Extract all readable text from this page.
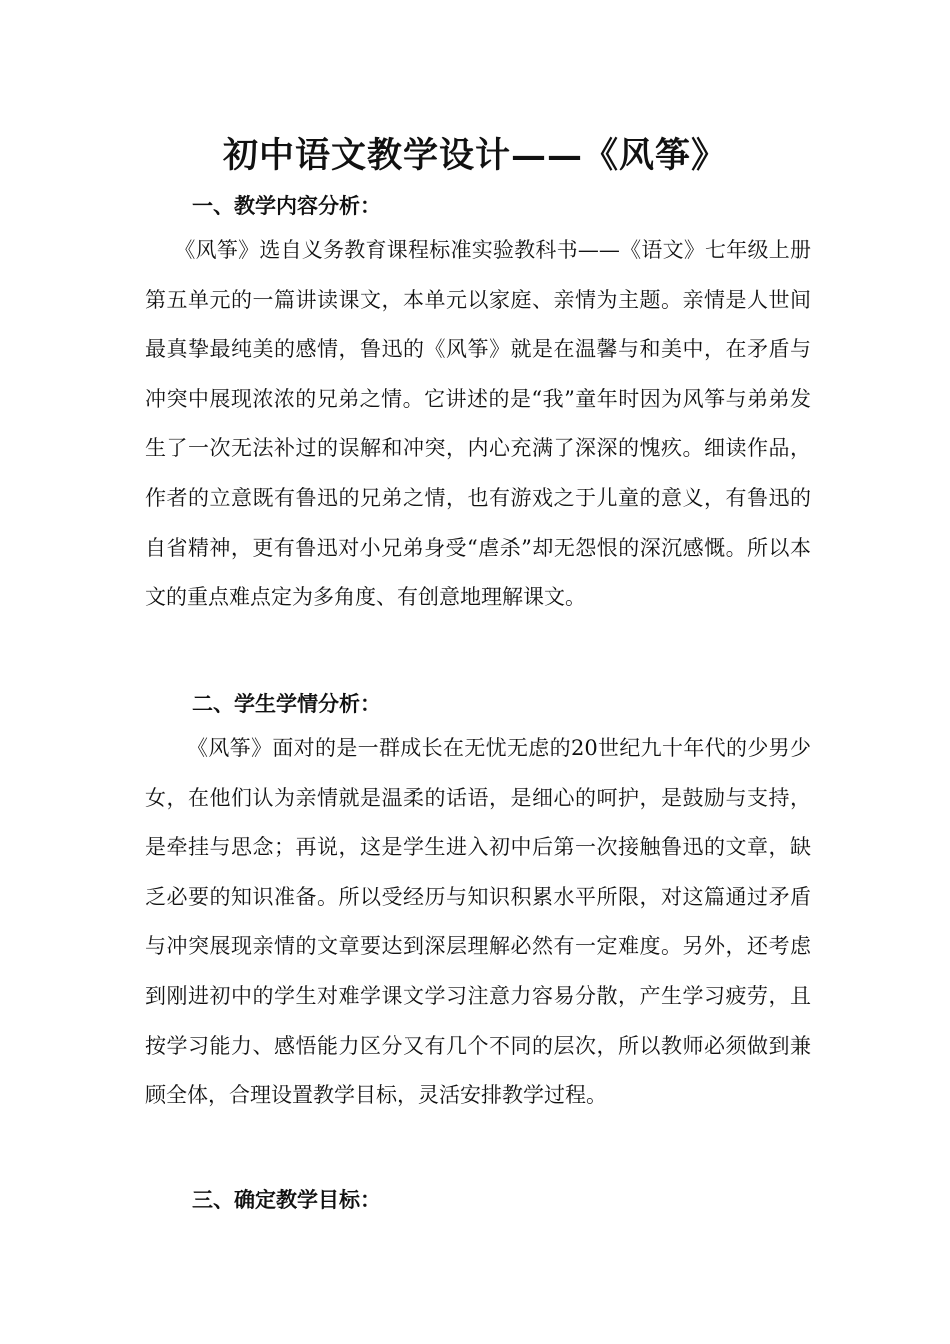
初中语文教学设计——《风筝》
一、教学内容分析：

《风筝》选自义务教育课程标准实验教科书——《语文》七年级上册第五单元的一篇讲读课文，本单元以家庭、亲情为主题。亲情是人世间最真挚最纯美的感情，鲁迅的《风筝》就是在温馨与和美中，在矛盾与冲突中展现浓浓的兄弟之情。它讲述的是“我”童年时因为风筝与弟弟发生了一次无法补过的误解和冲突，内心充满了深深的愧疚。细读作品，作者的立意既有鲁迅的兄弟之情，也有游戏之于儿童的意义，有鲁迅的自省精神，更有鲁迅对小兄弟身受“虐杀”却无怨恨的深沉感慨。所以本文的重点难点定为多角度、有创意地理解课文。

二、学生学情分析：

《风筝》面对的是一群成长在无忧无虑的20世纪九十年代的少男少女，在他们认为亲情就是温柔的话语，是细心的呵护，是鼓励与支持，是牵挂与思念；再说，这是学生进入初中后第一次接触鲁迅的文章，缺乏必要的知识准备。所以受经历与知识积累水平所限，对这篇通过矛盾与冲突展现亲情的文章要达到深层理解必然有一定难度。另外，还考虑到刚进初中的学生对难学课文学习注意力容易分散，产生学习疲劳，且按学习能力、感悟能力区分又有几个不同的层次，所以教师必须做到兼顾全体，合理设置教学目标，灵活安排教学过程。

三、确定教学目标：
